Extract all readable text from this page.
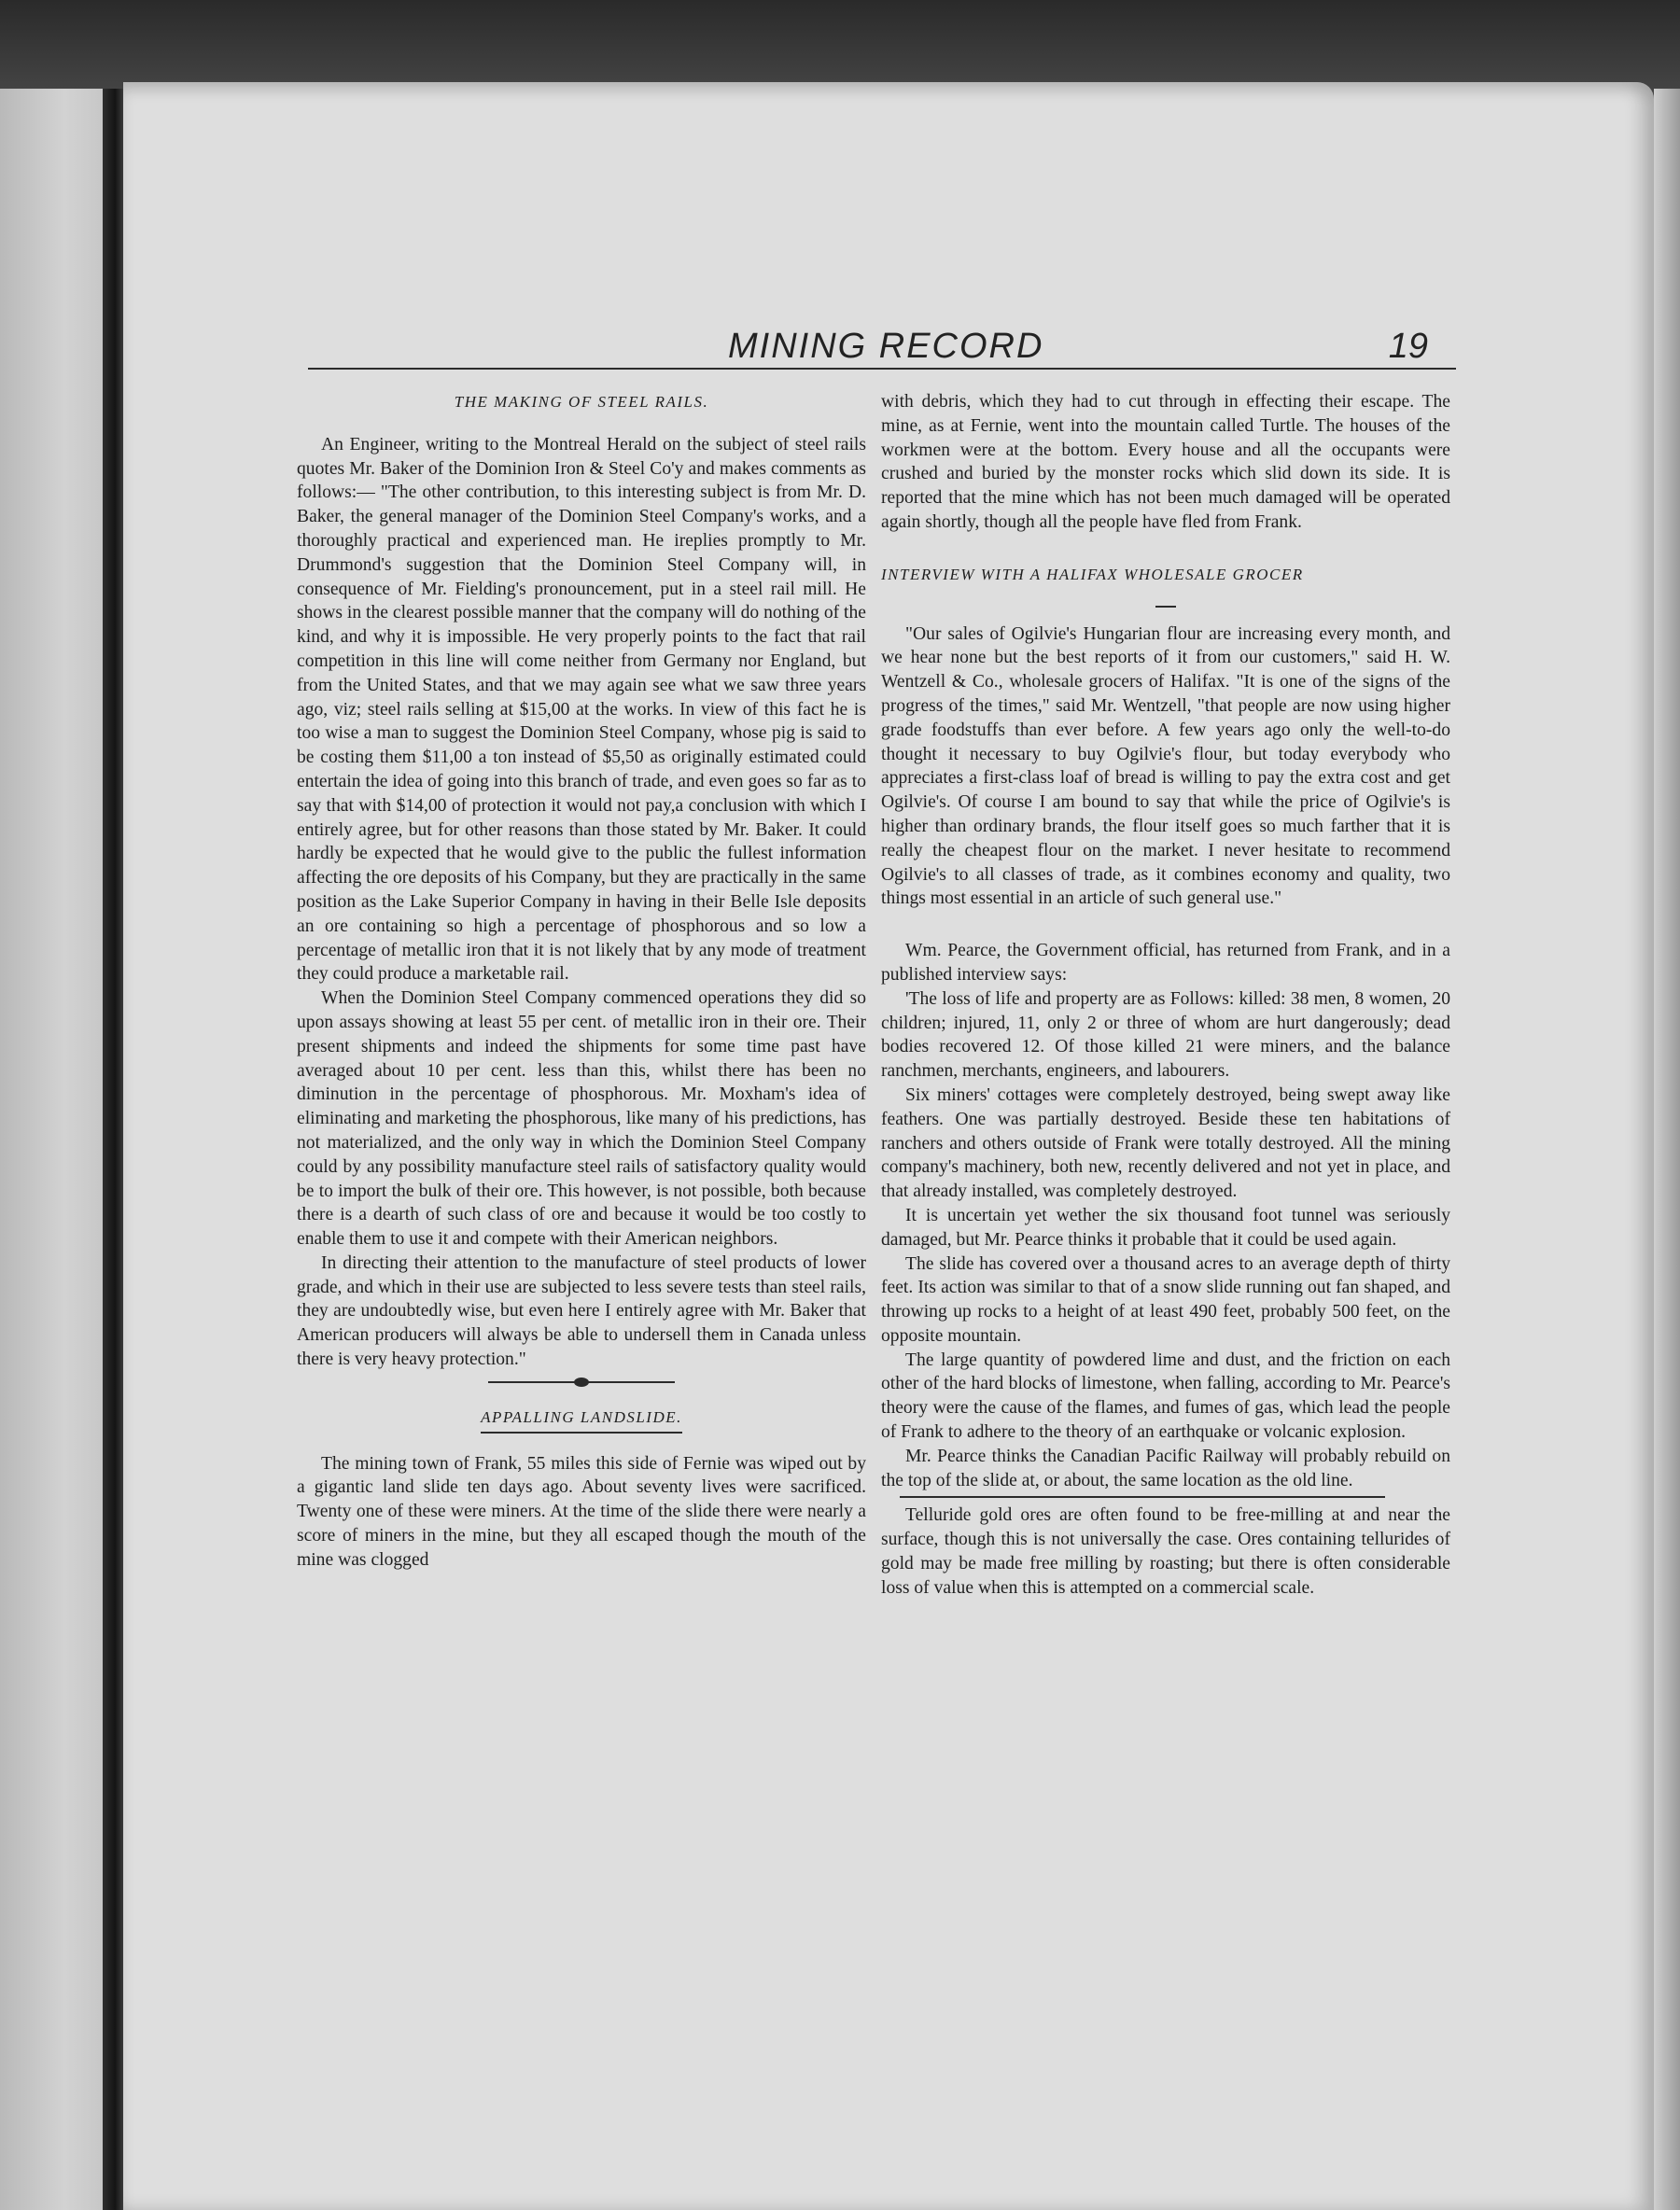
MINING RECORD	19
THE MAKING OF STEEL RAILS.

An Engineer, writing to the Montreal Herald on the subject of steel rails quotes Mr. Baker of the Dominion Iron & Steel Co'y and makes comments as follows:— "The other contribution, to this interesting subject is from Mr. D. Baker, the general manager of the Dominion Steel Company's works, and a thoroughly practical and experienced man. He ireplies promptly to Mr. Drummond's suggestion that the Dominion Steel Company will, in consequence of Mr. Fielding's pronouncement, put in a steel rail mill. He shows in the clearest possible manner that the company will do nothing of the kind, and why it is impossible. He very properly points to the fact that rail competition in this line will come neither from Germany nor England, but from the United States, and that we may again see what we saw three years ago, viz; steel rails selling at $15,00 at the works. In view of this fact he is too wise a man to suggest the Dominion Steel Company, whose pig is said to be costing them $11,00 a ton instead of $5,50 as originally estimated could entertain the idea of going into this branch of trade, and even goes so far as to say that with $14,00 of protection it would not pay,a conclusion with which I entirely agree, but for other reasons than those stated by Mr. Baker. It could hardly be expected that he would give to the public the fullest information affecting the ore deposits of his Company, but they are practically in the same position as the Lake Superior Company in having in their Belle Isle deposits an ore containing so high a percentage of phosphorous and so low a percentage of metallic iron that it is not likely that by any mode of treatment they could produce a marketable rail.

When the Dominion Steel Company commenced operations they did so upon assays showing at least 55 per cent. of metallic iron in their ore. Their present shipments and indeed the shipments for some time past have averaged about 10 per cent. less than this, whilst there has been no diminution in the percentage of phosphorous. Mr. Moxham's idea of eliminating and marketing the phosphorous, like many of his predictions, has not materialized, and the only way in which the Dominion Steel Company could by any possibility manufacture steel rails of satisfactory quality would be to import the bulk of their ore. This however, is not possible, both because there is a dearth of such class of ore and because it would be too costly to enable them to use it and compete with their American neighbors.

In directing their attention to the manufacture of steel products of lower grade, and which in their use are subjected to less severe tests than steel rails, they are undoubtedly wise, but even here I entirely agree with Mr. Baker that American producers will always be able to undersell them in Canada unless there is very heavy protection."

APPALLING LANDSLIDE.

The mining town of Frank, 55 miles this side of Fernie was wiped out by a gigantic land slide ten days ago. About seventy lives were sacrificed. Twenty one of these were miners. At the time of the slide there were nearly a score of miners in the mine, but they all escaped though the mouth of the mine was clogged

with debris, which they had to cut through in effecting their escape. The mine, as at Fernie, went into the mountain called Turtle. The houses of the workmen were at the bottom. Every house and all the occupants were crushed and buried by the monster rocks which slid down its side. It is reported that the mine which has not been much damaged will be operated again shortly, though all the people have fled from Frank.

INTERVIEW WITH A HALIFAX WHOLESALE GROCER

"Our sales of Ogilvie's Hungarian flour are increasing every month, and we hear none but the best reports of it from our customers," said H. W. Wentzell & Co., wholesale grocers of Halifax. "It is one of the signs of the progress of the times," said Mr. Wentzell, "that people are now using higher grade foodstuffs than ever before. A few years ago only the well-to-do thought it necessary to buy Ogilvie's flour, but today everybody who appreciates a first-class loaf of bread is willing to pay the extra cost and get Ogilvie's. Of course I am bound to say that while the price of Ogilvie's is higher than ordinary brands, the flour itself goes so much farther that it is really the cheapest flour on the market. I never hesitate to recommend Ogilvie's to all classes of trade, as it combines economy and quality, two things most essential in an article of such general use."

Wm. Pearce, the Government official, has returned from Frank, and in a published interview says:

'The loss of life and property are as Follows: killed: 38 men, 8 women, 20 children; injured, 11, only 2 or three of whom are hurt dangerously; dead bodies recovered 12. Of those killed 21 were miners, and the balance ranchmen, merchants, engineers, and labourers.

Six miners' cottages were completely destroyed, being swept away like feathers. One was partially destroyed. Beside these ten habitations of ranchers and others outside of Frank were totally destroyed. All the mining company's machinery, both new, recently delivered and not yet in place, and that already installed, was completely destroyed.

It is uncertain yet wether the six thousand foot tunnel was seriously damaged, but Mr. Pearce thinks it probable that it could be used again.

The slide has covered over a thousand acres to an average depth of thirty feet. Its action was similar to that of a snow slide running out fan shaped, and throwing up rocks to a height of at least 490 feet, probably 500 feet, on the opposite mountain.

The large quantity of powdered lime and dust, and the friction on each other of the hard blocks of limestone, when falling, according to Mr. Pearce's theory were the cause of the flames, and fumes of gas, which lead the people of Frank to adhere to the theory of an earthquake or volcanic explosion.

Mr. Pearce thinks the Canadian Pacific Railway will probably rebuild on the top of the slide at, or about, the same location as the old line.

Telluride gold ores are often found to be free-milling at and near the surface, though this is not universally the case. Ores containing tellurides of gold may be made free milling by roasting; but there is often considerable loss of value when this is attempted on a commercial scale.
